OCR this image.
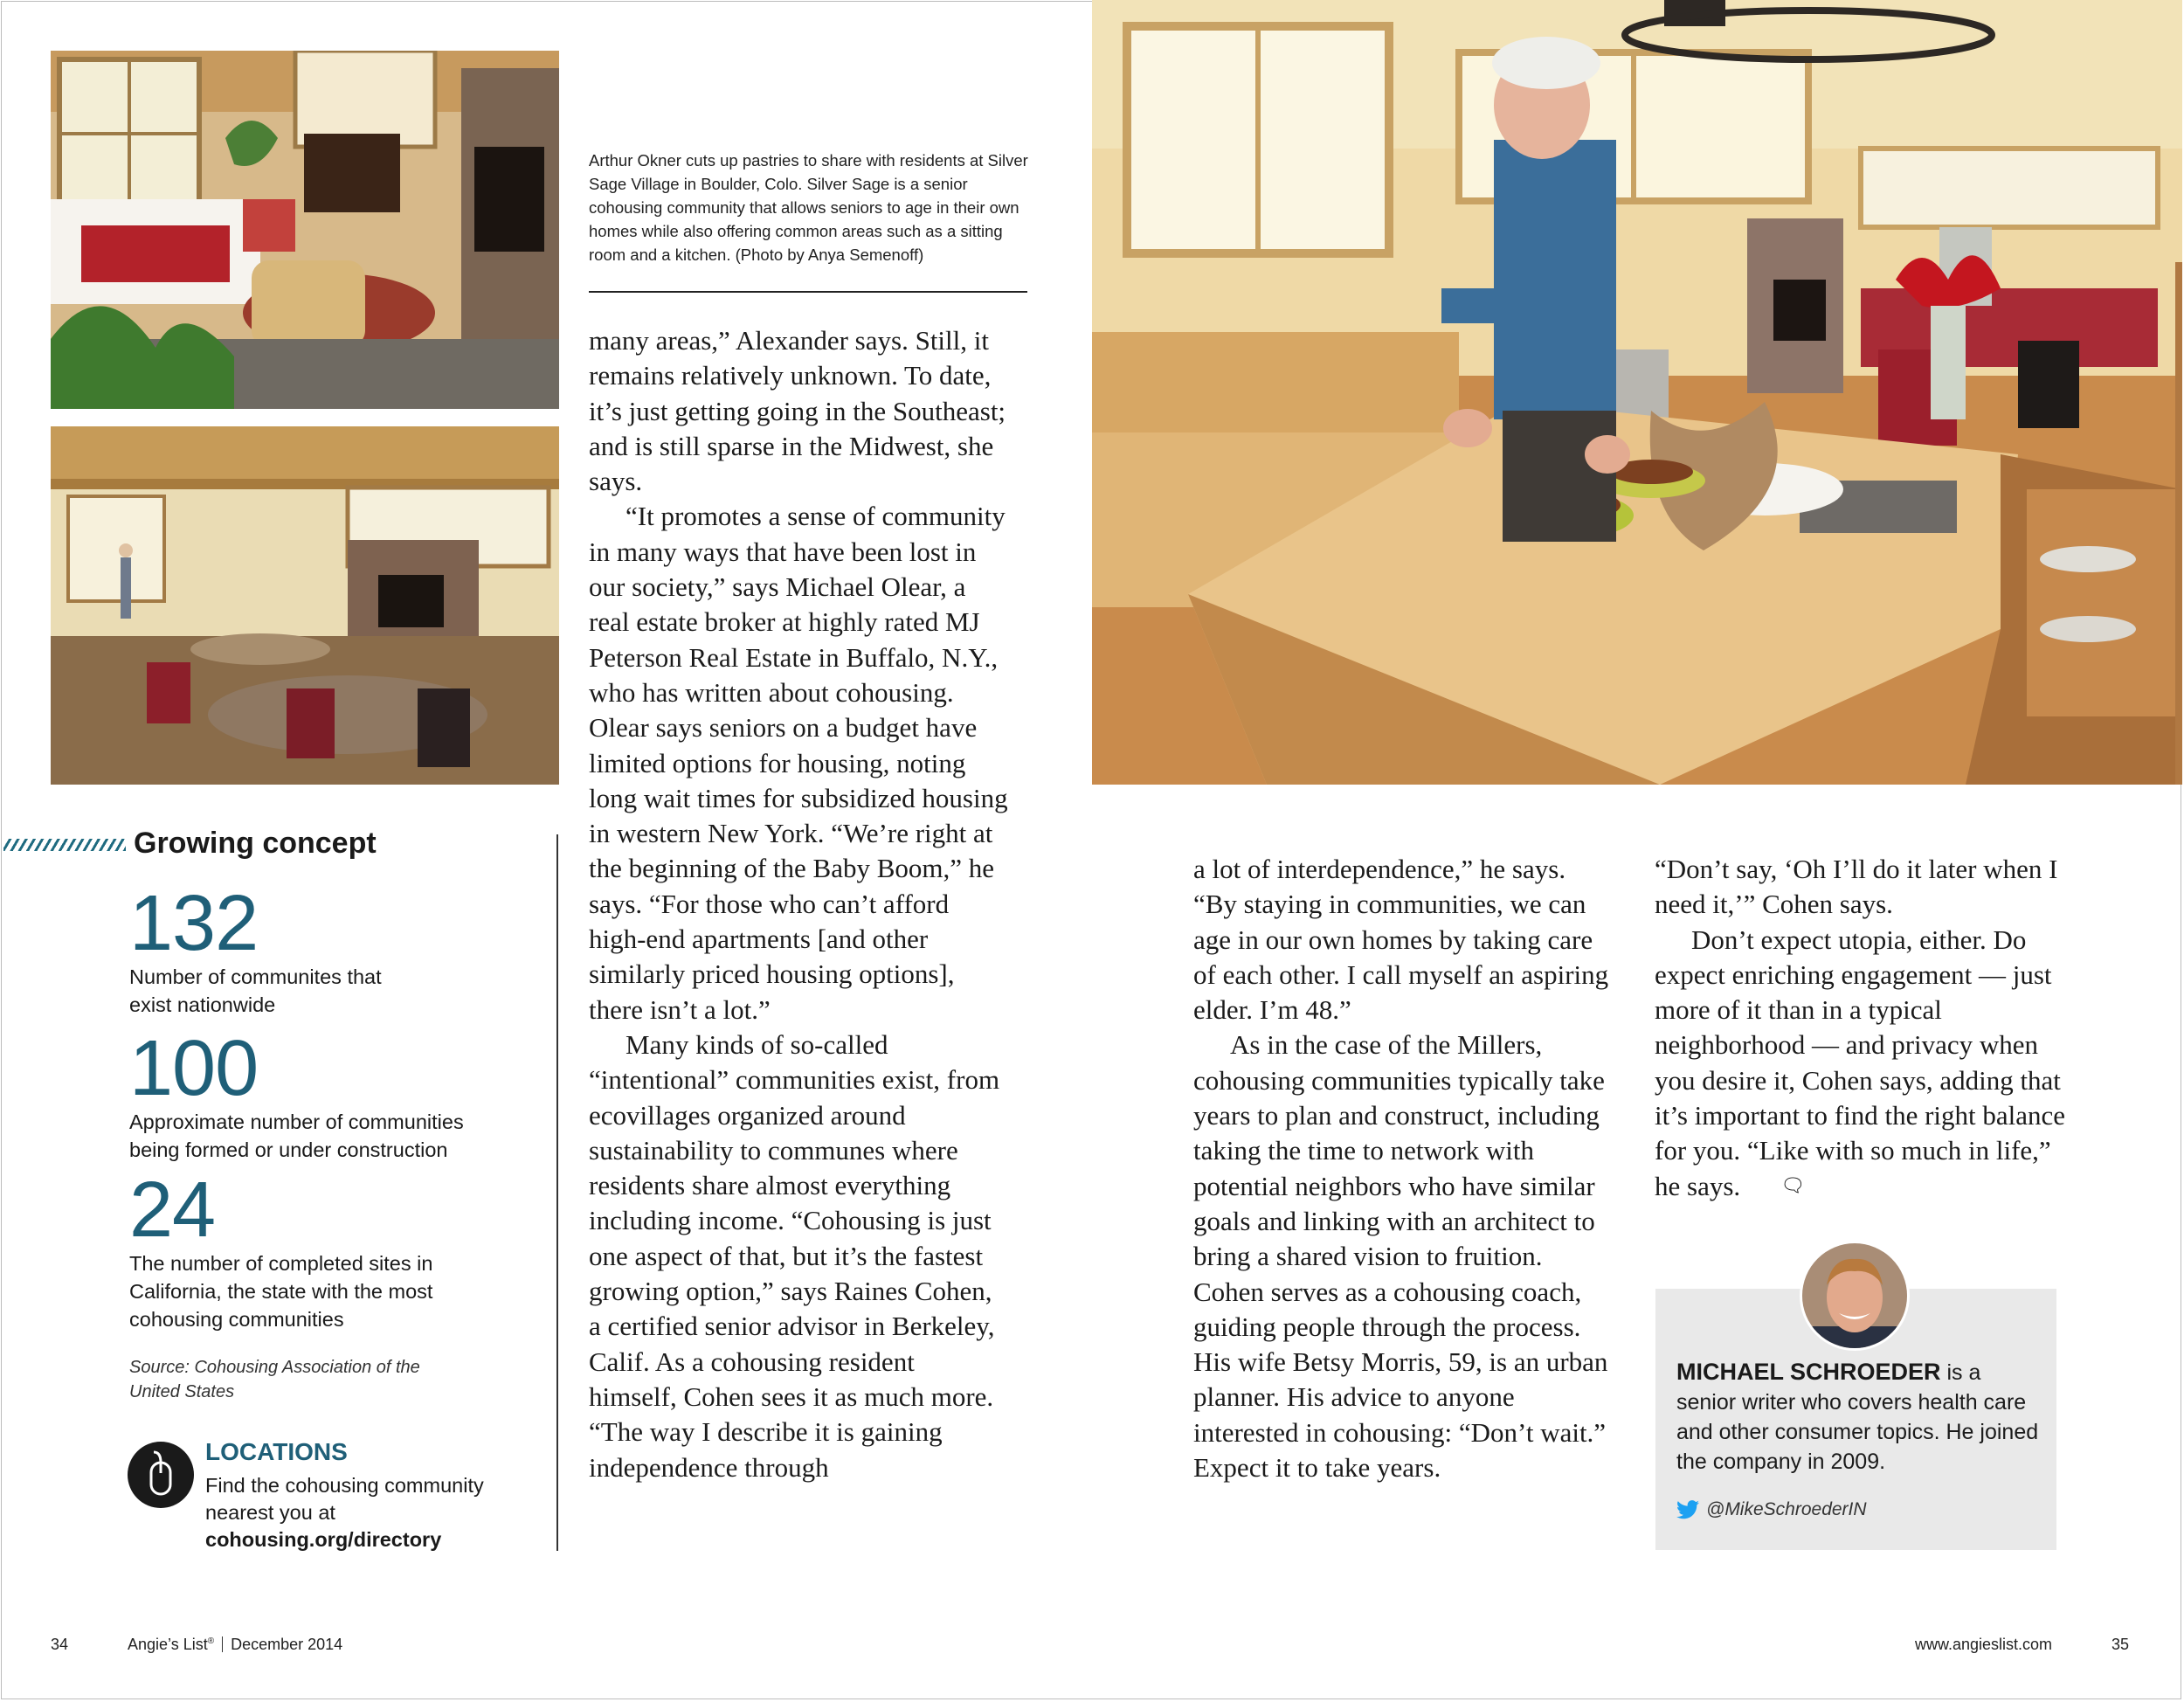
Arthur Okner cuts up pastries to share with residents at Silver Sage Village in Boulder, Colo. Silver Sage is a senior cohousing community that allows seniors to age in their own homes while also offering common areas such as a sitting room and a kitchen. (Photo by Anya Semenoff)

many areas,” Alexander says. Still, it remains relatively unknown. To date, it’s just getting going in the Southeast; and is still sparse in the Midwest, she says.

“It promotes a sense of community in many ways that have been lost in our society,” says Michael Olear, a real estate broker at highly rated MJ Peterson Real Estate in Buffalo, N.Y., who has written about cohousing. Olear says seniors on a budget have limited options for housing, noting long wait times for subsidized housing in western New York. “We’re right at the beginning of the Baby Boom,” he says. “For those who can’t afford high-end apartments [and other similarly priced housing options], there isn’t a lot.”

Many kinds of so-called “intentional” communities exist, from ecovillages organized around sustainability to communes where residents share almost everything including income. “Cohousing is just one aspect of that, but it’s the fastest growing option,” says Raines Cohen, a certified senior advisor in Berkeley, Calif. As a cohousing resident himself, Cohen sees it as much more. “The way I describe it is gaining independence through

a lot of interdependence,” he says. “By staying in communities, we can age in our own homes by taking care of each other. I call myself an aspiring elder. I’m 48.”

As in the case of the Millers, cohousing communities typically take years to plan and construct, including taking the time to network with potential neighbors who have similar goals and linking with an architect to bring a shared vision to fruition. Cohen serves as a cohousing coach, guiding people through the process. His wife Betsy Morris, 59, is an urban planner. His advice to anyone interested in cohousing: “Don’t wait.” Expect it to take years.

“Don’t say, ‘Oh I’ll do it later when I need it,’” Cohen says.

Don’t expect utopia, either. Do expect enriching engagement — just more of it than in a typical neighborhood — and privacy when you desire it, Cohen says, adding that it’s important to find the right balance for you. “Like with so much in life,” he says. 🗨︎

Growing concept
132
Number of communites that exist nationwide
100
Approximate number of communities being formed or under construction
24
The number of completed sites in California, the state with the most cohousing communities
Source: Cohousing Association of the United States
LOCATIONS
Find the cohousing community nearest you at
cohousing.org/directory
MICHAEL SCHROEDER is a senior writer who covers health care and other consumer topics. He joined the company in 2009.
@MikeSchroederIN
34	Angie’s List® December 2014	www.angieslist.com	35
